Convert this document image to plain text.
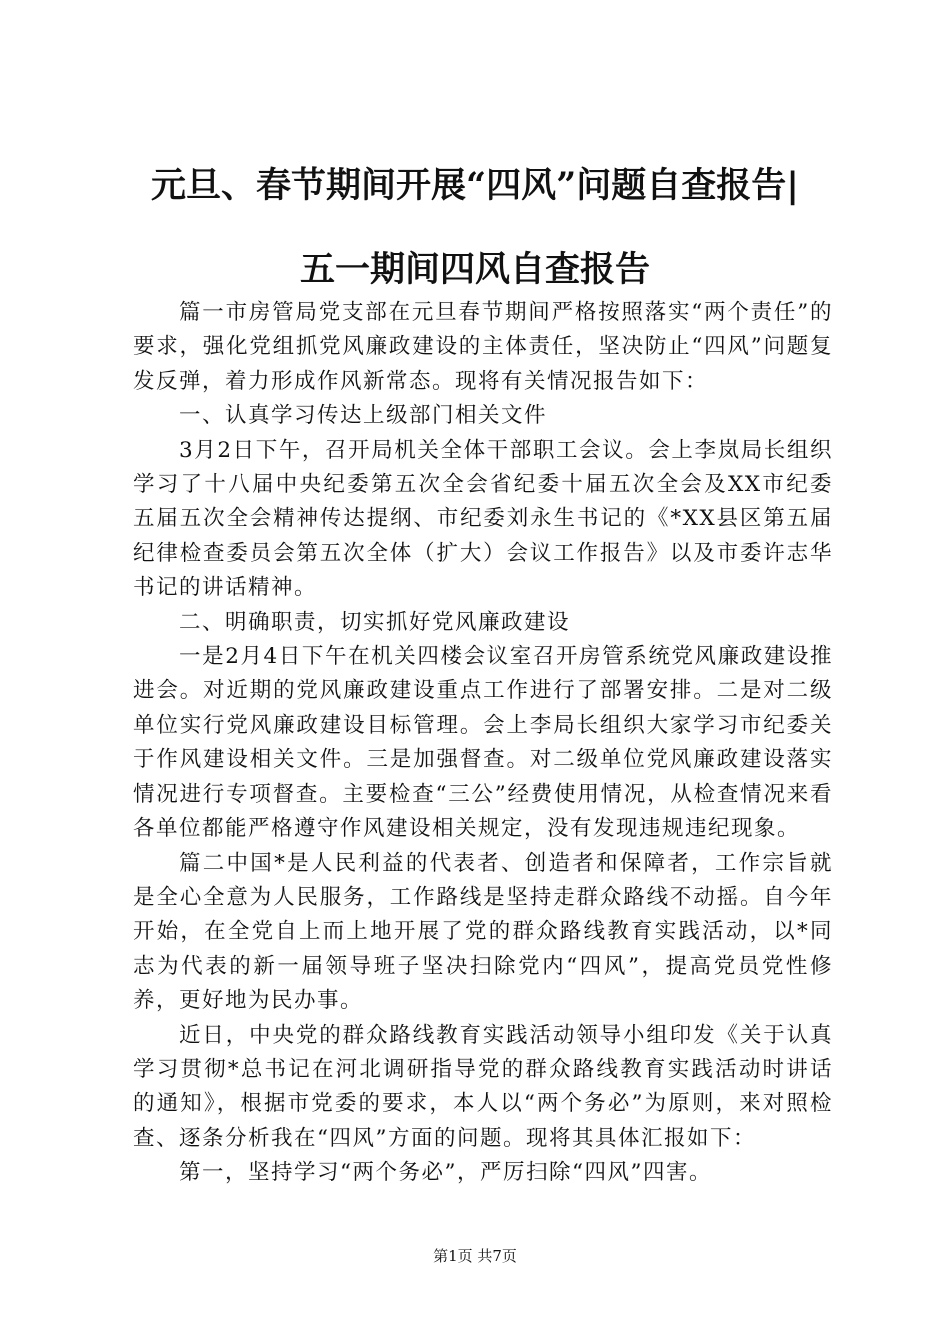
元旦、春节期间开展“四风”问题自查报告|
五一期间四风自查报告

篇一市房管局党支部在元旦春节期间严格按照落实“两个责任”的要求，强化党组抓党风廉政建设的主体责任，坚决防止“四风”问题复发反弹，着力形成作风新常态。现将有关情况报告如下：

一、认真学习传达上级部门相关文件

3月2日下午，召开局机关全体干部职工会议。会上李岚局长组织学习了十八届中央纪委第五次全会省纪委十届五次全会及XX市纪委五届五次全会精神传达提纲、市纪委刘永生书记的《*XX县区第五届纪律检查委员会第五次全体（扩大）会议工作报告》以及市委许志华书记的讲话精神。

二、明确职责，切实抓好党风廉政建设

一是2月4日下午在机关四楼会议室召开房管系统党风廉政建设推进会。对近期的党风廉政建设重点工作进行了部署安排。二是对二级单位实行党风廉政建设目标管理。会上李局长组织大家学习市纪委关于作风建设相关文件。三是加强督查。对二级单位党风廉政建设落实情况进行专项督查。主要检查“三公”经费使用情况，从检查情况来看各单位都能严格遵守作风建设相关规定，没有发现违规违纪现象。

篇二中国*是人民利益的代表者、创造者和保障者，工作宗旨就是全心全意为人民服务，工作路线是坚持走群众路线不动摇。自今年开始，在全党自上而上地开展了党的群众路线教育实践活动，以*同志为代表的新一届领导班子坚决扫除党内“四风”，提高党员党性修养，更好地为民办事。

近日，中央党的群众路线教育实践活动领导小组印发《关于认真学习贯彻*总书记在河北调研指导党的群众路线教育实践活动时讲话的通知》，根据市党委的要求，本人以“两个务必”为原则，来对照检查、逐条分析我在“四风”方面的问题。现将其具体汇报如下：

第一，坚持学习“两个务必”，严厉扫除“四风”四害。

第1页 共7页
